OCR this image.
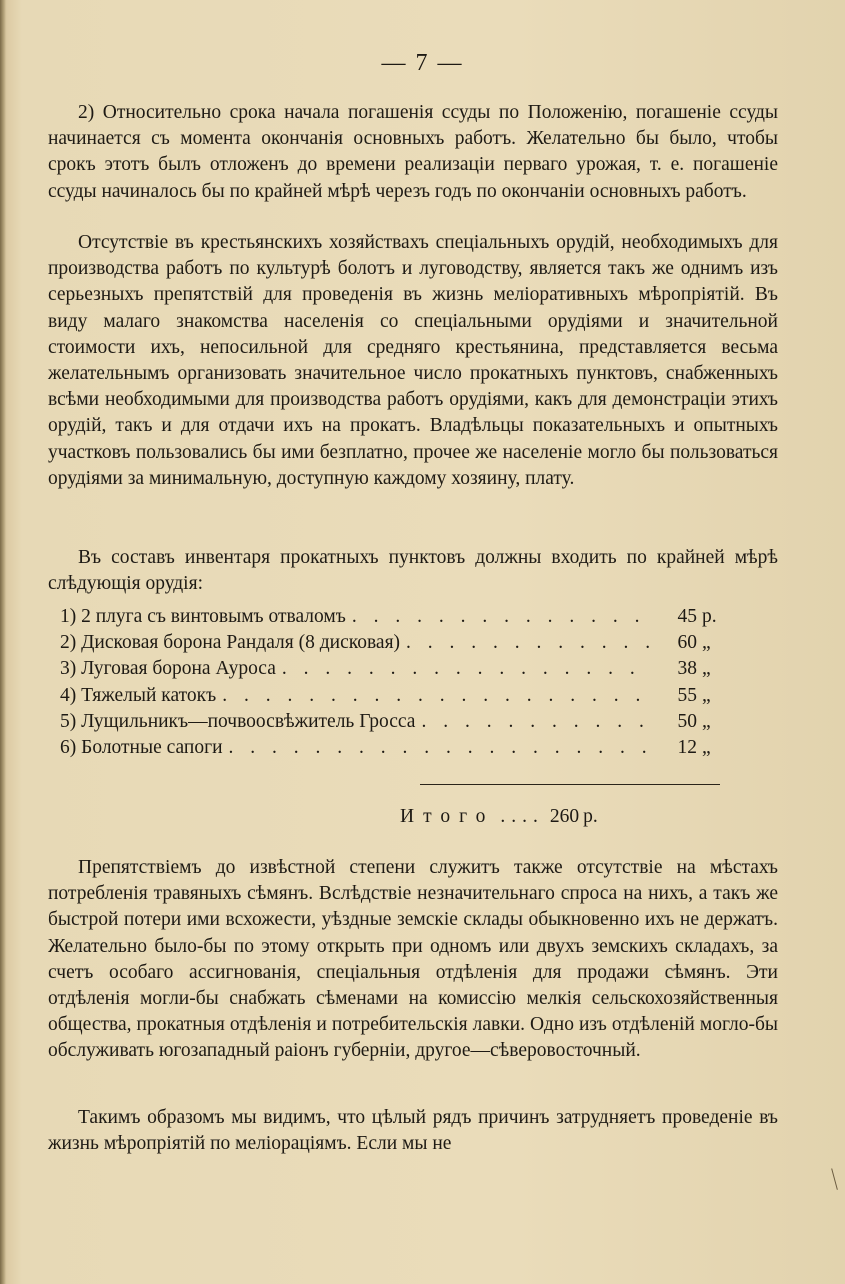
— 7 —

2) Относительно срока начала погашенія ссуды по Положенію, погашеніе ссуды начинается съ момента окончанія основныхъ работъ. Желательно бы было, чтобы срокъ этотъ былъ отложенъ до времени реализаціи перваго урожая, т. е. погашеніе ссуды начиналось бы по крайней мѣрѣ черезъ годъ по окончаніи основныхъ работъ.

Отсутствіе въ крестьянскихъ хозяйствахъ спеціальныхъ орудій, необходимыхъ для производства работъ по культурѣ болотъ и луговодству, является такъ же однимъ изъ серьезныхъ препятствій для проведенія въ жизнь меліоративныхъ мѣропріятій. Въ виду малаго знакомства населенія со спеціальными орудіями и значительной стоимости ихъ, непосильной для средняго крестьянина, представляется весьма желательнымъ организовать значительное число прокатныхъ пунктовъ, снабженныхъ всѣми необходимыми для производства работъ орудіями, какъ для демонстраціи этихъ орудій, такъ и для отдачи ихъ на прокатъ. Владѣльцы показательныхъ и опытныхъ участковъ пользовались бы ими безплатно, прочее же населеніе могло бы пользоваться орудіями за минимальную, доступную каждому хозяину, плату.

Въ составъ инвентаря прокатныхъ пунктовъ должны входить по крайней мѣрѣ слѣдующія орудія:

1) 2 плуга съ винтовымъ отваломъ . . .	45 р.
2) Дисковая борона Рандаля (8 дисковая) . . .	60 „
3) Луговая борона Ауроса . . .	38 „
4) Тяжелый катокъ . . .	55 „
5) Лущильникъ—почвоосвѣжитель Гросса . . .	50 „
6) Болотные сапоги . . .	12 „
Итого .... 260 р.

Препятствіемъ до извѣстной степени служитъ также отсутствіе на мѣстахъ потребленія травяныхъ сѣмянъ. Вслѣдствіе незначительнаго спроса на нихъ, а такъ же быстрой потери ими всхожести, уѣздные земскіе склады обыкновенно ихъ не держатъ. Желательно было-бы по этому открыть при одномъ или двухъ земскихъ складахъ, за счетъ особаго ассигнованія, спеціальныя отдѣленія для продажи сѣмянъ. Эти отдѣленія могли-бы снабжать сѣменами на комиссію мелкія сельскохозяйственныя общества, прокатныя отдѣленія и потребительскія лавки. Одно изъ отдѣленій могло-бы обслуживать югозападный раіонъ губерніи, другое—сѣверовосточный.

Такимъ образомъ мы видимъ, что цѣлый рядъ причинъ затрудняетъ проведеніе въ жизнь мѣропріятій по меліораціямъ. Если мы не
